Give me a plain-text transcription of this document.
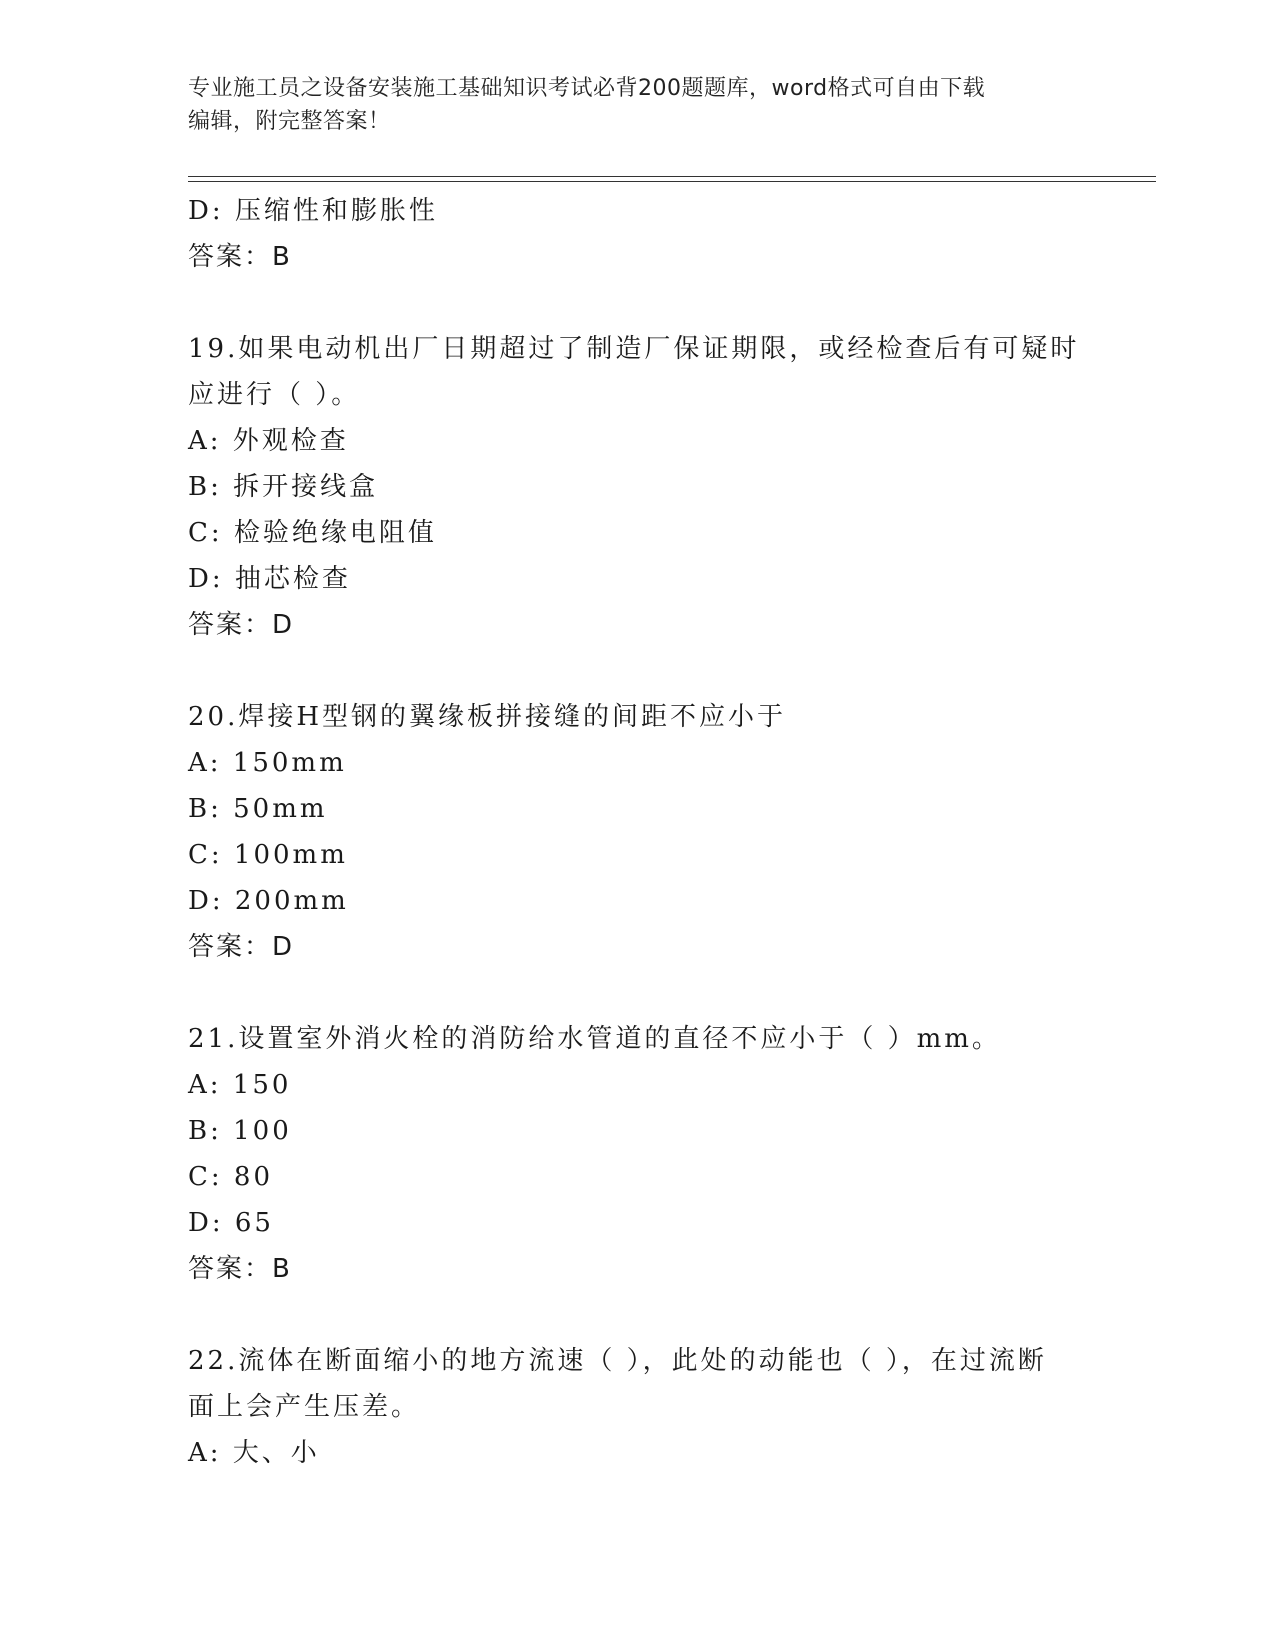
专业施工员之设备安装施工基础知识考试必背200题题库，word格式可自由下载
编辑，附完整答案！
D: 压缩性和膨胀性
答案：B
19.如果电动机出厂日期超过了制造厂保证期限，或经检查后有可疑时
应进行（ ）。
A: 外观检查
B: 拆开接线盒
C: 检验绝缘电阻值
D: 抽芯检查
答案：D
20.焊接H型钢的翼缘板拼接缝的间距不应小于
A: 150mm
B: 50mm
C: 100mm
D: 200mm
答案：D
21.设置室外消火栓的消防给水管道的直径不应小于（ ）mm。
A: 150
B: 100
C: 80
D: 65
答案：B
22.流体在断面缩小的地方流速（ ），此处的动能也（ ），在过流断
面上会产生压差。
A: 大、小
